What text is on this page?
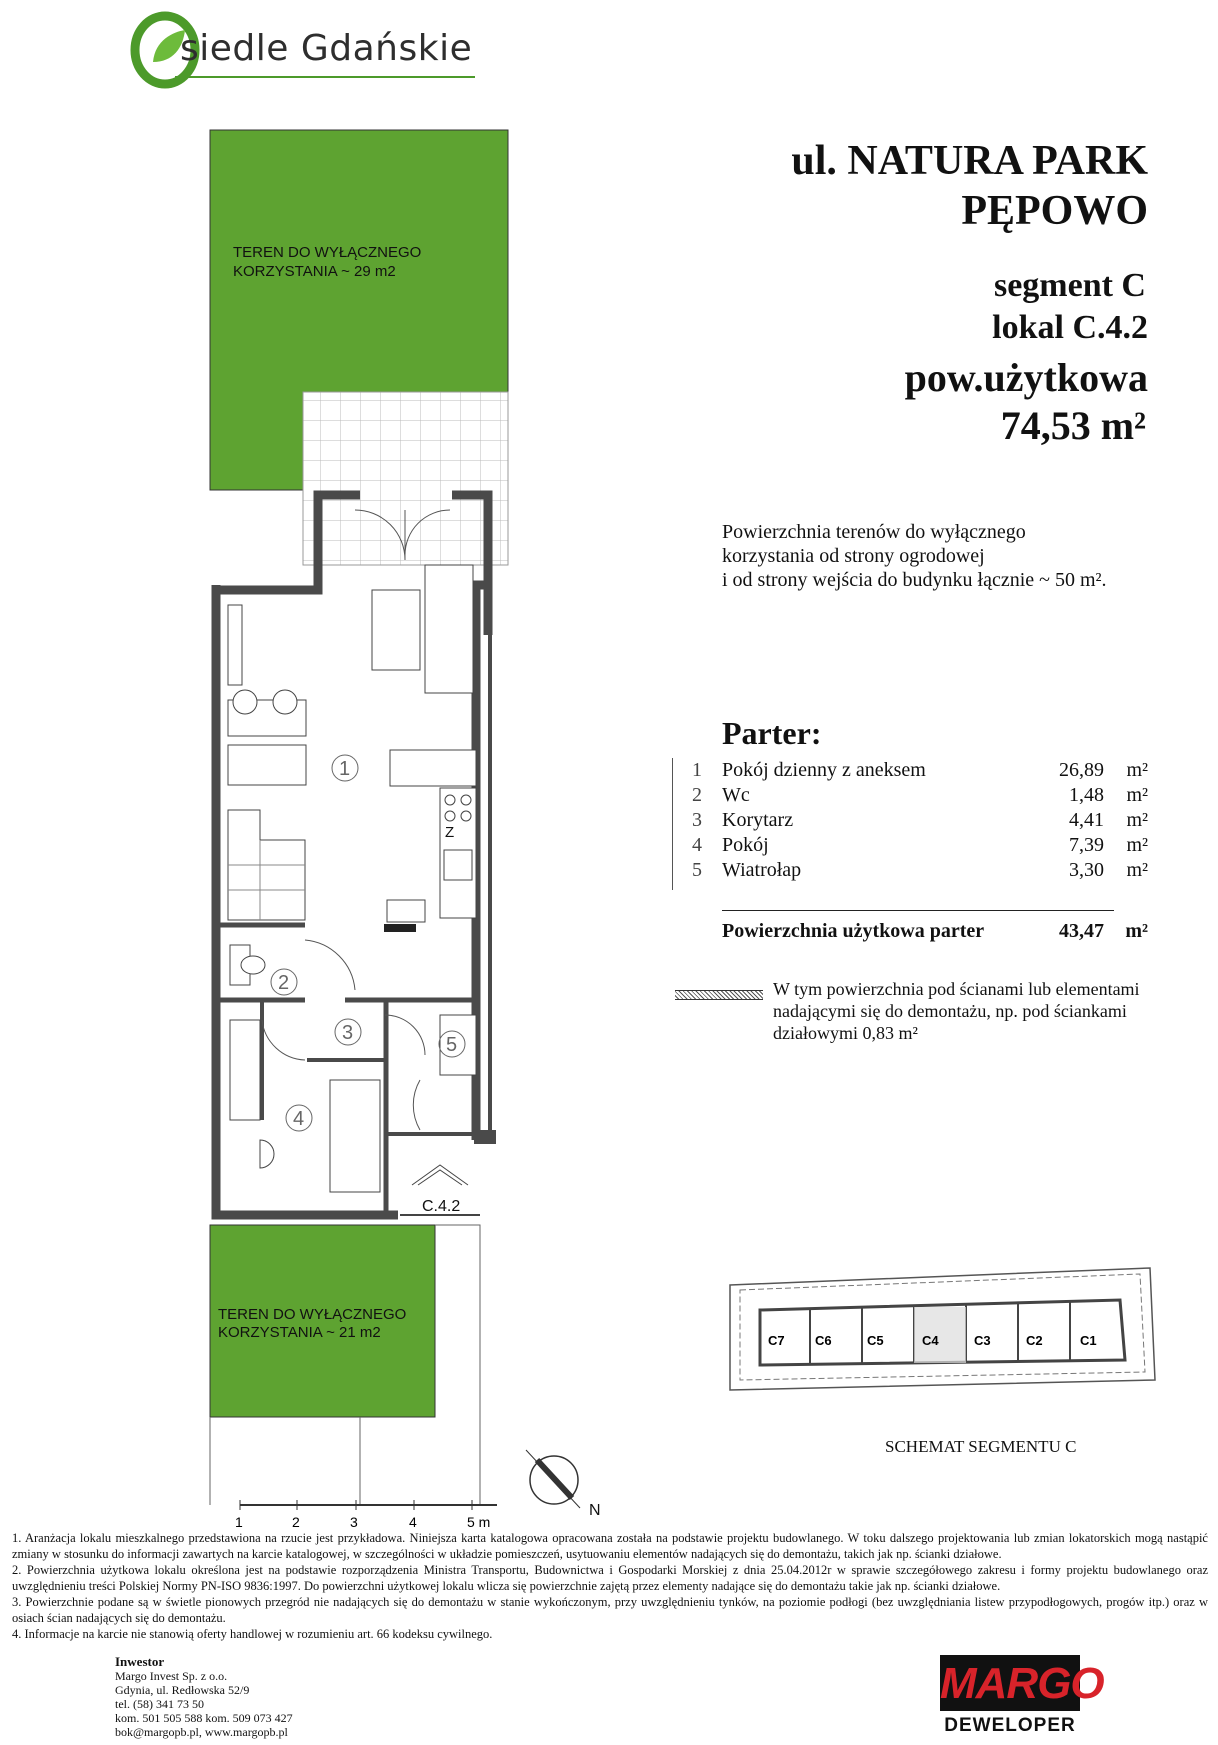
siedle Gdańskie
ul. NATURA PARK
PĘPOWO
segment C
lokal C.4.2
pow.użytkowa
74,53 m²
Powierzchnia terenów do wyłącznego
korzystania od strony ogrodowej
i od strony wejścia do budynku łącznie ~ 50 m².
Parter:
1	Pokój dzienny z aneksem	26,89	m²
2	Wc	1,48	m²
3	Korytarz	4,41	m²
4	Pokój	7,39	m²
5	Wiatrołap	3,30	m²
Powierzchnia użytkowa parter	43,47	m²
W tym powierzchnia pod ścianami lub elementami
nadającymi się do demontażu, np. pod ściankami
działowymi 0,83 m²
TEREN DO WYŁĄCZNEGO
KORZYSTANIA ~ 29 m2
Z
1
2
3
4
5
C.4.2
TEREN DO WYŁĄCZNEGO
KORZYSTANIA ~ 21 m2
1	2	3	4	5 m
N
C7 C6	C5	C4	C3	C2	C1
SCHEMAT SEGMENTU C
1. Aranżacja lokalu mieszkalnego przedstawiona na rzucie jest przykładowa. Niniejsza karta katalogowa opracowana została na podstawie projektu budowlanego. W toku dalszego projektowania lub zmian lokatorskich mogą nastąpić zmiany w stosunku do informacji zawartych na karcie katalogowej, w szczególności w układzie pomieszczeń, usytuowaniu elementów nadających się do demontażu, takich jak np. ścianki działowe.
2. Powierzchnia użytkowa lokalu określona jest na podstawie rozporządzenia Ministra Transportu, Budownictwa i Gospodarki Morskiej z dnia 25.04.2012r w sprawie szczegółowego zakresu i formy projektu budowlanego oraz uwzględnieniu treści Polskiej Normy PN-ISO 9836:1997. Do powierzchni użytkowej lokalu wlicza się powierzchnie zajętą przez elementy nadające się do demontażu takie jak np. ścianki działowe.
3. Powierzchnie podane są w świetle pionowych przegród nie nadających się do demontażu w stanie wykończonym, przy uwzględnieniu tynków, na poziomie podłogi (bez uwzględniania listew przypodłogowych, progów itp.) oraz w osiach ścian nadających się do demontażu.
4. Informacje na karcie nie stanowią oferty handlowej w rozumieniu art. 66 kodeksu cywilnego.
Inwestor
Margo Invest Sp. z o.o.
Gdynia, ul. Redłowska 52/9
tel. (58) 341 73 50
kom. 501 505 588 kom. 509 073 427
bok@margopb.pl, www.margopb.pl
MARGO
DEWELOPER
